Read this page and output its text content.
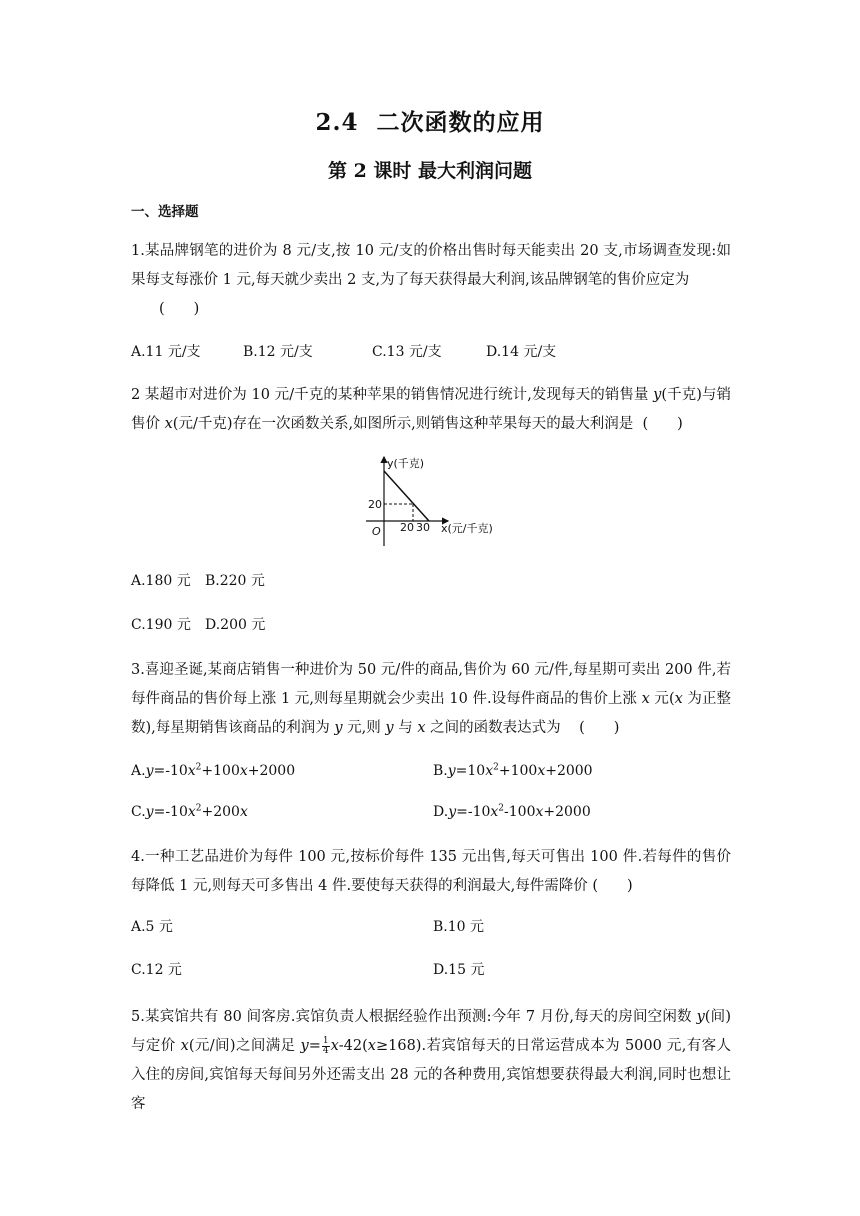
2.4 二次函数的应用
第 2 课时 最大利润问题
一、选择题
1.某品牌钢笔的进价为 8 元/支,按 10 元/支的价格出售时每天能卖出 20 支,市场调查发现:如果每支每涨价 1 元,每天就少卖出 2 支,为了每天获得最大利润,该品牌钢笔的售价应定为
(　　)
A.11 元/支	B.12 元/支	C.13 元/支	D.14 元/支
2 某超市对进价为 10 元/千克的某种苹果的销售情况进行统计,发现每天的销售量 y(千克)与销售价 x(元/千克)存在一次函数关系,如图所示,则销售这种苹果每天的最大利润是 (　　)
y(千克)
20
O 20 30 x(元/千克)
A.180 元 B.220 元
C.190 元 D.200 元
3.喜迎圣诞,某商店销售一种进价为 50 元/件的商品,售价为 60 元/件,每星期可卖出 200 件,若每件商品的售价每上涨 1 元,则每星期就会少卖出 10 件.设每件商品的售价上涨 x 元(x 为正整数),每星期销售该商品的利润为 y 元,则 y 与 x 之间的函数表达式为 (　　)
$A.y=-10x^2+100x+2000$	$B.y=10x^2+100x+2000$
$C.y=-10x^2+200x$	$D.y=-10x^2-100x+2000$
4.一种工艺品进价为每件 100 元,按标价每件 135 元出售,每天可售出 100 件.若每件的售价每降低 1 元,则每天可多售出 4 件.要使每天获得的利润最大,每件需降价 (　　)
A.5 元	B.10 元
C.12 元	D.15 元
5.某宾馆共有 80 间客房.宾馆负责人根据经验作出预测:今年 7 月份,每天的房间空闲数 y(间)与定价 x(元/间)之间满足 $y= \frac{1}{4} x-42(x\ge 168)$.若宾馆每天的日常运营成本为 5000 元,有客人入住的房间,宾馆每天每间另外还需支出 28 元的各种费用,宾馆想要获得最大利润,同时也想让客
